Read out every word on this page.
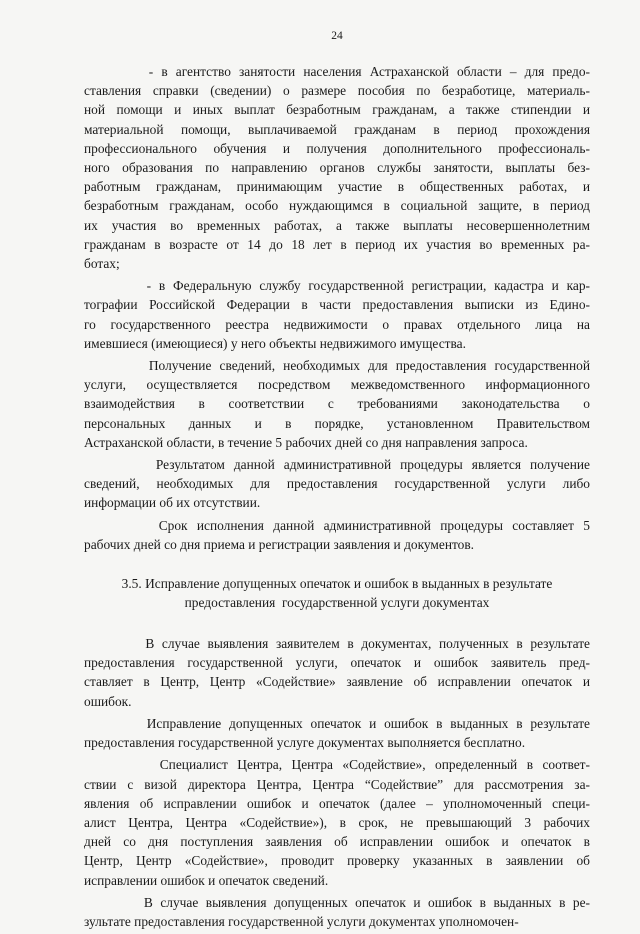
24
- в агентство занятости населения Астраханской области – для предо-
ставления справки (сведении) о размере пособия по безработице, материаль-
ной помощи и иных выплат безработным гражданам, а также стипендии и
материальной помощи, выплачиваемой гражданам в период прохождения
профессионального обучения и получения дополнительного профессиональ-
ного образования по направлению органов службы занятости, выплаты без-
работным гражданам, принимающим участие в общественных работах, и
безработным гражданам, особо нуждающимся в социальной защите, в период
их участия во временных работах, а также выплаты несовершеннолетним
гражданам в возрасте от 14 до 18 лет в период их участия во временных ра-
ботах;
- в Федеральную службу государственной регистрации, кадастра и кар-
тографии Российской Федерации в части предоставления выписки из Едино-
го государственного реестра недвижимости о правах отдельного лица на
имевшиеся (имеющиеся) у него объекты недвижимого имущества.
Получение сведений, необходимых для предоставления государственной
услуги, осуществляется посредством межведомственного информационного
взаимодействия в соответствии с требованиями законодательства о
персональных данных и в порядке, установленном Правительством
Астраханской области, в течение 5 рабочих дней со дня направления запроса.
Результатом данной административной процедуры является получение
сведений, необходимых для предоставления государственной услуги либо
информации об их отсутствии.
Срок исполнения данной административной процедуры составляет 5
рабочих дней со дня приема и регистрации заявления и документов.
3.5. Исправление допущенных опечаток и ошибок в выданных в результате
предоставления  государственной услуги документах
В случае выявления заявителем в документах, полученных в результате
предоставления государственной услуги, опечаток и ошибок заявитель пред-
ставляет в Центр, Центр «Содействие» заявление об исправлении опечаток и
ошибок.
Исправление допущенных опечаток и ошибок в выданных в результате
предоставления государственной услуге документах выполняется бесплатно.
Специалист Центра, Центра «Содействие», определенный в соответ-
ствии с визой директора Центра, Центра “Содействие” для рассмотрения за-
явления об исправлении ошибок и опечаток (далее – уполномоченный специ-
алист Центра, Центра «Содействие»), в срок, не превышающий 3 рабочих
дней со дня поступления заявления об исправлении ошибок и опечаток в
Центр, Центр «Содействие», проводит проверку указанных в заявлении об
исправлении ошибок и опечаток сведений.
В случае выявления допущенных опечаток и ошибок в выданных в ре-
зультате предоставления государственной услуги документах уполномочен-
